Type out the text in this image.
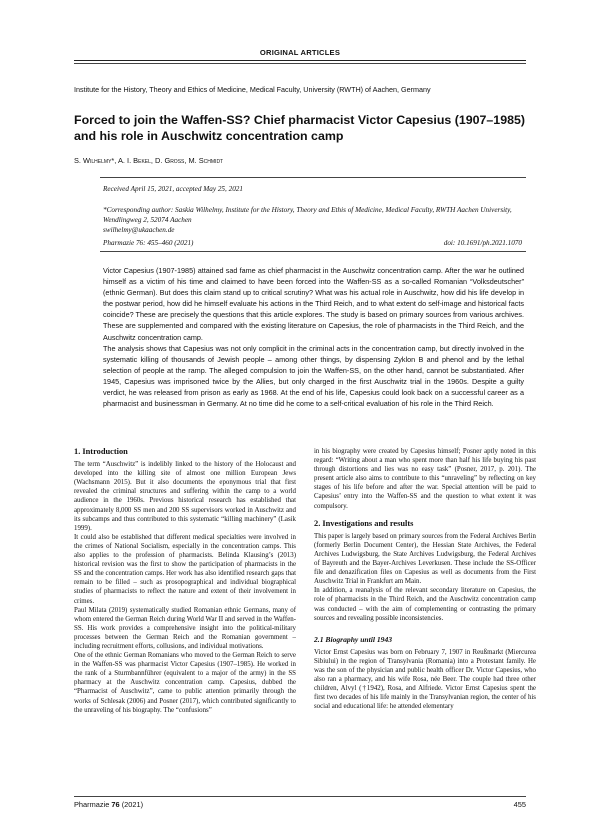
ORIGINAL ARTICLES
Institute for the History, Theory and Ethics of Medicine, Medical Faculty, University (RWTH) of Aachen, Germany
Forced to join the Waffen-SS? Chief pharmacist Victor Capesius (1907–1985) and his role in Auschwitz concentration camp
S. Wilhelmy*, A. I. Bekel, D. Gross, M. Schmidt
Received April 15, 2021, accepted May 25, 2021
*Corresponding author: Saskia Wilhelmy, Institute for the History, Theory and Ethis of Medicine, Medical Faculty, RWTH Aachen University, Wendlingweg 2, 52074 Aachen
swilhelmy@ukaachen.de
Pharmazie 76: 455–460 (2021)	doi: 10.1691/ph.2021.1070

Victor Capesius (1907-1985) attained sad fame as chief pharmacist in the Auschwitz concentration camp. After the war he outlined himself as a victim of his time and claimed to have been forced into the Waffen-SS as a so-called Romanian “Volksdeutscher” (ethnic German). But does this claim stand up to critical scrutiny? What was his actual role in Auschwitz, how did his life develop in the postwar period, how did he himself evaluate his actions in the Third Reich, and to what extent do self-image and historical facts coincide? These are precisely the questions that this article explores. The study is based on primary sources from various archives. These are supplemented and compared with the existing literature on Capesius, the role of pharmacists in the Third Reich, and the Auschwitz concentration camp.

The analysis shows that Capesius was not only complicit in the criminal acts in the concentration camp, but directly involved in the systematic killing of thousands of Jewish people – among other things, by dispensing Zyklon B and phenol and by the lethal selection of people at the ramp. The alleged compulsion to join the Waffen-SS, on the other hand, cannot be substantiated. After 1945, Capesius was imprisoned twice by the Allies, but only charged in the first Auschwitz trial in the 1960s. Despite a guilty verdict, he was released from prison as early as 1968. At the end of his life, Capesius could look back on a successful career as a pharmacist and businessman in Germany. At no time did he come to a self-critical evaluation of his role in the Third Reich.

1. Introduction

The term “Auschwitz” is indelibly linked to the history of the Holocaust and developed into the killing site of almost one million European Jews (Wachsmann 2015). But it also documents the eponymous trial that first revealed the criminal structures and suffering within the camp to a world audience in the 1960s. Previous historical research has established that approximately 8,000 SS men and 200 SS supervisors worked in Auschwitz and its subcamps and thus contributed to this systematic “killing machinery” (Lasik 1999).

It could also be established that different medical specialties were involved in the crimes of National Socialism, especially in the concentration camps. This also applies to the profession of pharmacists. Belinda Klausing’s (2013) historical revision was the first to show the participation of pharmacists in the SS and the concentration camps. Her work has also identified research gaps that remain to be filled – such as prosopographical and individual biographical studies of pharmacists to reflect the nature and extent of their involvement in crimes.

Paul Milata (2019) systematically studied Romanian ethnic Germans, many of whom entered the German Reich during World War II and served in the Waffen-SS. His work provides a comprehensive insight into the political-military processes between the German Reich and the Romanian government – including recruitment efforts, collusions, and individual motivations.

One of the ethnic German Romanians who moved to the German Reich to serve in the Waffen-SS was pharmacist Victor Capesius (1907–1985). He worked in the rank of a Sturmbannführer (equivalent to a major of the army) in the SS pharmacy at the Auschwitz concentration camp. Capesius, dubbed the “Pharmacist of Auschwitz”, came to public attention primarily through the works of Schlesak (2006) and Posner (2017), which contributed significantly to the unraveling of his biography. The “confusions”

in his biography were created by Capesius himself; Posner aptly noted in this regard: “Writing about a man who spent more than half his life buying his past through distortions and lies was no easy task” (Posner, 2017, p. 201). The present article also aims to contribute to this “unraveling” by reflecting on key stages of his life before and after the war. Special attention will be paid to Capesius’ entry into the Waffen-SS and the question to what extent it was compulsory.

2. Investigations and results

This paper is largely based on primary sources from the Federal Archives Berlin (formerly Berlin Document Center), the Hessian State Archives, the Federal Archives Ludwigsburg, the State Archives Ludwigsburg, the Federal Archives of Bayreuth and the Bayer-Archives Leverkusen. These include the SS-Officer file and denazification files on Capesius as well as documents from the First Auschwitz Trial in Frankfurt am Main.

In addition, a reanalysis of the relevant secondary literature on Capesius, the role of pharmacists in the Third Reich, and the Auschwitz concentration camp was conducted – with the aim of complementing or contrasting the primary sources and revealing possible inconsistencies.

2.1 Biography until 1943

Victor Ernst Capesius was born on February 7, 1907 in Reußmarkt (Miercurea Sibiului) in the region of Transylvania (Romania) into a Protestant family. He was the son of the physician and public health officer Dr. Victor Capesius, who also ran a pharmacy, and his wife Rosa, née Beer. The couple had three other children, Alvyl (†1942), Rosa, and Alfriede. Victor Ernst Capesius spent the first two decades of his life mainly in the Transylvanian region, the center of his social and educational life: he attended elementary

Pharmazie 76 (2021)	455
